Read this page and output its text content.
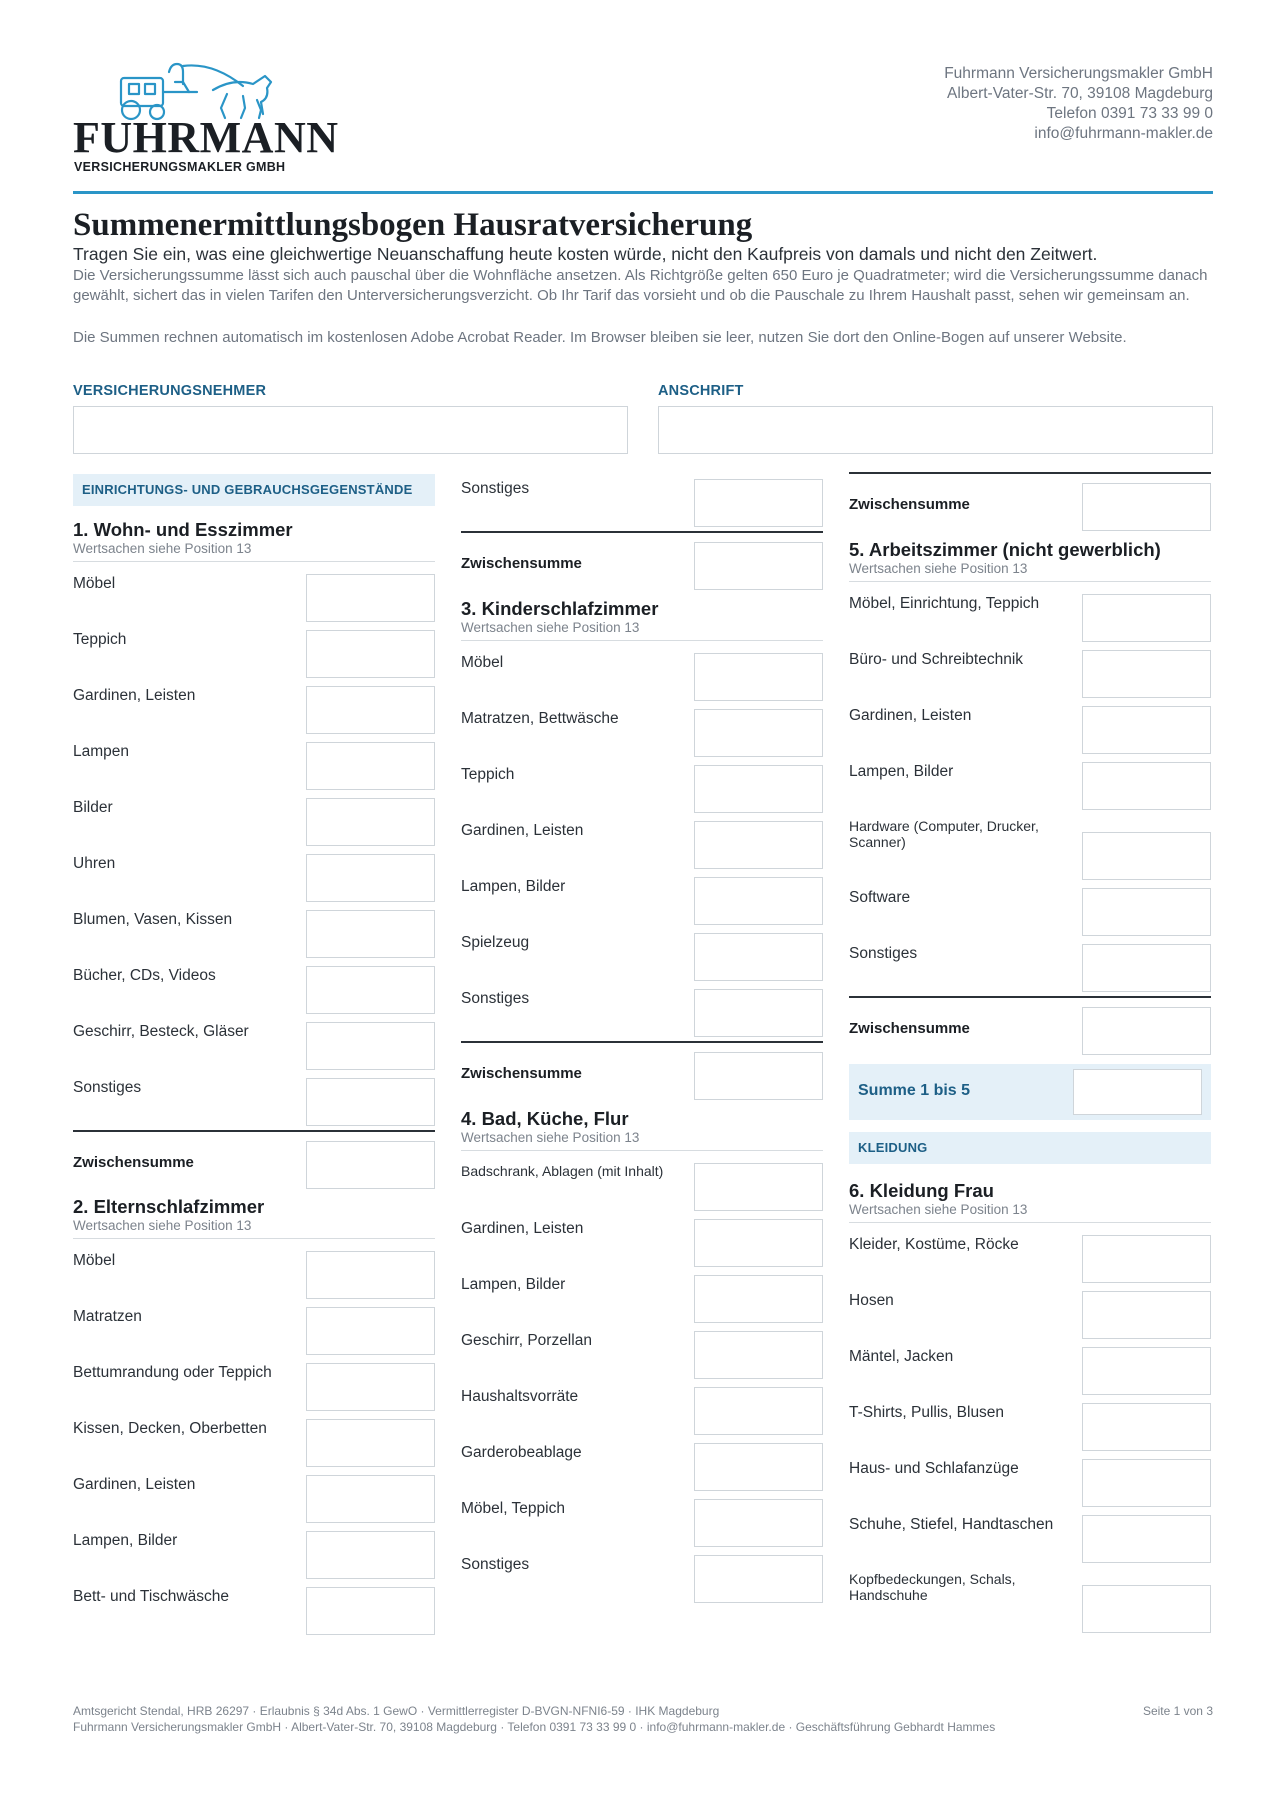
FUHRMANN
VERSICHERUNGSMAKLER GMBH
Fuhrmann Versicherungsmakler GmbH
Albert-Vater-Str. 70, 39108 Magdeburg
Telefon 0391 73 33 99 0
info@fuhrmann-makler.de
Summenermittlungsbogen Hausratversicherung
Tragen Sie ein, was eine gleichwertige Neuanschaffung heute kosten würde, nicht den Kaufpreis von damals und nicht den Zeitwert.
Die Versicherungssumme lässt sich auch pauschal über die Wohnfläche ansetzen. Als Richtgröße gelten 650 Euro je Quadratmeter; wird die Versicherungssumme danach gewählt, sichert das in vielen Tarifen den Unterversicherungsverzicht. Ob Ihr Tarif das vorsieht und ob die Pauschale zu Ihrem Haushalt passt, sehen wir gemeinsam an.
Die Summen rechnen automatisch im kostenlosen Adobe Acrobat Reader. Im Browser bleiben sie leer, nutzen Sie dort den Online-Bogen auf unserer Website.
VERSICHERUNGSNEHMER	ANSCHRIFT
EINRICHTUNGS- UND GEBRAUCHSGEGENSTÄNDE
1. Wohn- und Esszimmer
Wertsachen siehe Position 13
Möbel
Teppich
Gardinen, Leisten
Lampen
Bilder
Uhren
Blumen, Vasen, Kissen
Bücher, CDs, Videos
Geschirr, Besteck, Gläser
Sonstiges
Zwischensumme
2. Elternschlafzimmer
Wertsachen siehe Position 13
Möbel
Matratzen
Bettumrandung oder Teppich
Kissen, Decken, Oberbetten
Gardinen, Leisten
Lampen, Bilder
Bett- und Tischwäsche
Sonstiges
Zwischensumme
3. Kinderschlafzimmer
Wertsachen siehe Position 13
Möbel
Matratzen, Bettwäsche
Teppich
Gardinen, Leisten
Lampen, Bilder
Spielzeug
Sonstiges
Zwischensumme
4. Bad, Küche, Flur
Wertsachen siehe Position 13
Badschrank, Ablagen (mit Inhalt)
Gardinen, Leisten
Lampen, Bilder
Geschirr, Porzellan
Haushaltsvorräte
Garderobeablage
Möbel, Teppich
Sonstiges
Zwischensumme
5. Arbeitszimmer (nicht gewerblich)
Wertsachen siehe Position 13
Möbel, Einrichtung, Teppich
Büro- und Schreibtechnik
Gardinen, Leisten
Lampen, Bilder
Hardware (Computer, Drucker, Scanner)
Software
Sonstiges
Zwischensumme
Summe 1 bis 5
KLEIDUNG
6. Kleidung Frau
Wertsachen siehe Position 13
Kleider, Kostüme, Röcke
Hosen
Mäntel, Jacken
T-Shirts, Pullis, Blusen
Haus- und Schlafanzüge
Schuhe, Stiefel, Handtaschen
Kopfbedeckungen, Schals, Handschuhe
Amtsgericht Stendal, HRB 26297 · Erlaubnis § 34d Abs. 1 GewO · Vermittlerregister D-BVGN-NFNI6-59 · IHK Magdeburg
Fuhrmann Versicherungsmakler GmbH · Albert-Vater-Str. 70, 39108 Magdeburg · Telefon 0391 73 33 99 0 · info@fuhrmann-makler.de · Geschäftsführung Gebhardt Hammes
Seite 1 von 3
